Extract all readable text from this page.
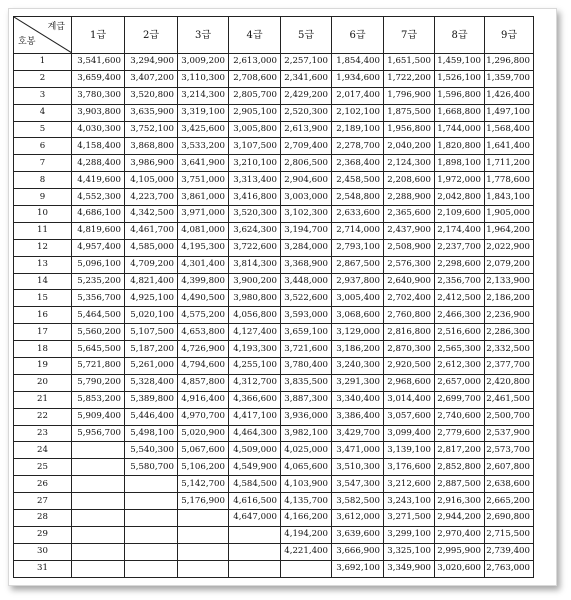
계급
호봉	1급	2급	3급	4급	5급	6급	7급	8급	9급
1	3,541,600	3,294,900	3,009,200	2,613,000	2,257,100	1,854,400	1,651,500	1,459,100	1,296,800
2	3,659,400	3,407,200	3,110,300	2,708,600	2,341,600	1,934,600	1,722,200	1,526,100	1,359,700
3	3,780,300	3,520,800	3,214,300	2,805,700	2,429,200	2,017,400	1,796,900	1,596,800	1,426,400
4	3,903,800	3,635,900	3,319,100	2,905,100	2,520,300	2,102,100	1,875,500	1,668,800	1,497,100
5	4,030,300	3,752,100	3,425,600	3,005,800	2,613,900	2,189,100	1,956,800	1,744,000	1,568,400
6	4,158,400	3,868,800	3,533,200	3,107,500	2,709,400	2,278,700	2,040,200	1,820,800	1,641,400
7	4,288,400	3,986,900	3,641,900	3,210,100	2,806,500	2,368,400	2,124,300	1,898,100	1,711,200
8	4,419,600	4,105,000	3,751,000	3,313,400	2,904,600	2,458,500	2,208,600	1,972,000	1,778,600
9	4,552,300	4,223,700	3,861,000	3,416,800	3,003,000	2,548,800	2,288,900	2,042,800	1,843,100
10	4,686,100	4,342,500	3,971,000	3,520,300	3,102,300	2,633,600	2,365,600	2,109,600	1,905,000
11	4,819,600	4,461,700	4,081,000	3,624,300	3,194,700	2,714,000	2,437,900	2,174,400	1,964,200
12	4,957,400	4,585,000	4,195,300	3,722,600	3,284,000	2,793,100	2,508,900	2,237,700	2,022,900
13	5,096,100	4,709,200	4,301,400	3,814,300	3,368,900	2,867,500	2,576,300	2,298,600	2,079,200
14	5,235,200	4,821,400	4,399,800	3,900,200	3,448,000	2,937,800	2,640,900	2,356,700	2,133,900
15	5,356,700	4,925,100	4,490,500	3,980,800	3,522,600	3,005,400	2,702,400	2,412,500	2,186,200
16	5,464,500	5,020,100	4,575,200	4,056,800	3,593,000	3,068,600	2,760,800	2,466,300	2,236,900
17	5,560,200	5,107,500	4,653,800	4,127,400	3,659,100	3,129,000	2,816,800	2,516,600	2,286,300
18	5,645,500	5,187,200	4,726,900	4,193,300	3,721,600	3,186,200	2,870,300	2,565,300	2,332,500
19	5,721,800	5,261,000	4,794,600	4,255,100	3,780,400	3,240,300	2,920,500	2,612,300	2,377,700
20	5,790,200	5,328,400	4,857,800	4,312,700	3,835,500	3,291,300	2,968,600	2,657,000	2,420,800
21	5,853,200	5,389,800	4,916,400	4,366,600	3,887,300	3,340,400	3,014,400	2,699,700	2,461,500
22	5,909,400	5,446,400	4,970,700	4,417,100	3,936,000	3,386,400	3,057,600	2,740,600	2,500,700
23	5,956,700	5,498,100	5,020,900	4,464,300	3,982,100	3,429,700	3,099,400	2,779,600	2,537,900
24		5,540,300	5,067,600	4,509,000	4,025,000	3,471,000	3,139,100	2,817,200	2,573,700
25		5,580,700	5,106,200	4,549,900	4,065,600	3,510,300	3,176,600	2,852,800	2,607,800
26			5,142,700	4,584,500	4,103,900	3,547,300	3,212,600	2,887,500	2,638,600
27			5,176,900	4,616,500	4,135,700	3,582,500	3,243,100	2,916,300	2,665,200
28				4,647,000	4,166,200	3,612,000	3,271,500	2,944,200	2,690,800
29					4,194,200	3,639,600	3,299,100	2,970,400	2,715,500
30					4,221,400	3,666,900	3,325,100	2,995,900	2,739,400
31						3,692,100	3,349,900	3,020,600	2,763,000
